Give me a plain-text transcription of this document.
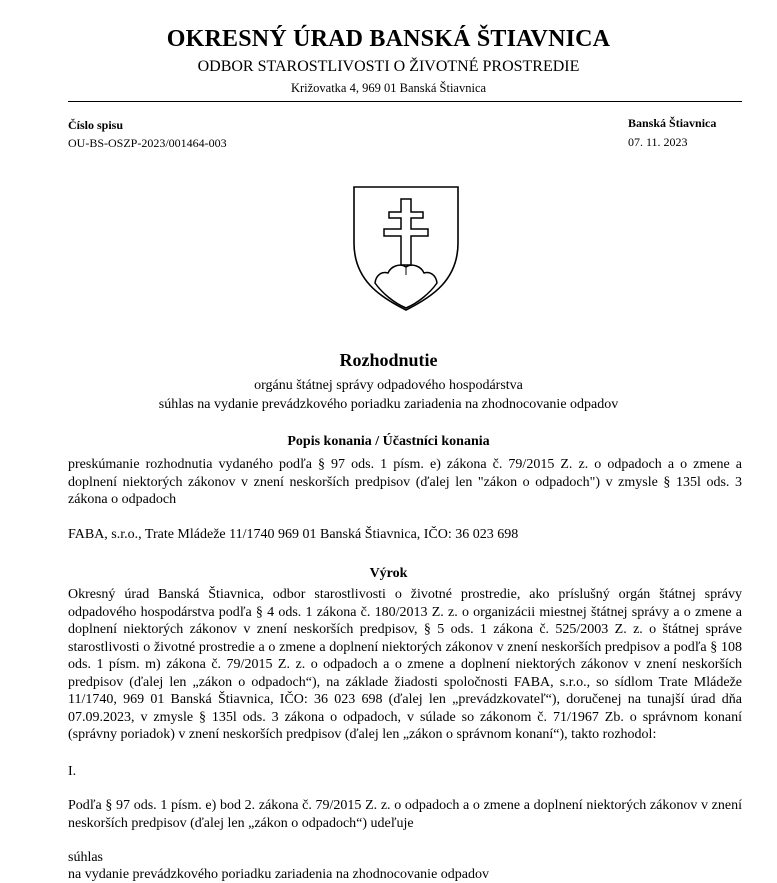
OKRESNÝ ÚRAD BANSKÁ ŠTIAVNICA
ODBOR STAROSTLIVOSTI O ŽIVOTNÉ PROSTREDIE
Križovatka 4, 969 01 Banská Štiavnica
Číslo spisu
OU-BS-OSZP-2023/001464-003
Banská Štiavnica
07. 11. 2023
Rozhodnutie
orgánu štátnej správy odpadového hospodárstva
súhlas na vydanie prevádzkového poriadku zariadenia na zhodnocovanie odpadov
Popis konania / Účastníci konania
preskúmanie rozhodnutia vydaného podľa § 97 ods. 1 písm. e) zákona č. 79/2015 Z. z. o odpadoch a o zmene a doplnení niektorých zákonov v znení neskorších predpisov (ďalej len "zákon o odpadoch") v zmysle § 135l ods. 3 zákona o odpadoch
FABA, s.r.o., Trate Mládeže 11/1740 969 01 Banská Štiavnica, IČO: 36 023 698
Výrok
Okresný úrad Banská Štiavnica, odbor starostlivosti o životné prostredie, ako príslušný orgán štátnej správy odpadového hospodárstva podľa § 4 ods. 1 zákona č. 180/2013 Z. z. o organizácii miestnej štátnej správy a o zmene a doplnení niektorých zákonov v znení neskorších predpisov, § 5 ods. 1 zákona č. 525/2003 Z. z. o štátnej správe starostlivosti o životné prostredie a o zmene a doplnení niektorých zákonov v znení neskorších predpisov a podľa § 108 ods. 1 písm. m) zákona č. 79/2015 Z. z. o odpadoch a o zmene a doplnení niektorých zákonov v znení neskorších predpisov (ďalej len „zákon o odpadoch“), na základe žiadosti spoločnosti FABA, s.r.o., so sídlom Trate Mládeže 11/1740, 969 01 Banská Štiavnica, IČO: 36 023 698 (ďalej len „prevádzkovateľ“), doručenej na tunajší úrad dňa 07.09.2023, v zmysle § 135l ods. 3 zákona o odpadoch, v súlade so zákonom č. 71/1967 Zb. o správnom konaní (správny poriadok) v znení neskorších predpisov (ďalej len „zákon o správnom konaní“), takto rozhodol:
I.
Podľa § 97 ods. 1 písm. e) bod 2. zákona č. 79/2015 Z. z. o odpadoch a o zmene a doplnení niektorých zákonov v znení neskorších predpisov (ďalej len „zákon o odpadoch“) udeľuje
súhlas
na vydanie prevádzkového poriadku zariadenia na zhodnocovanie odpadov
